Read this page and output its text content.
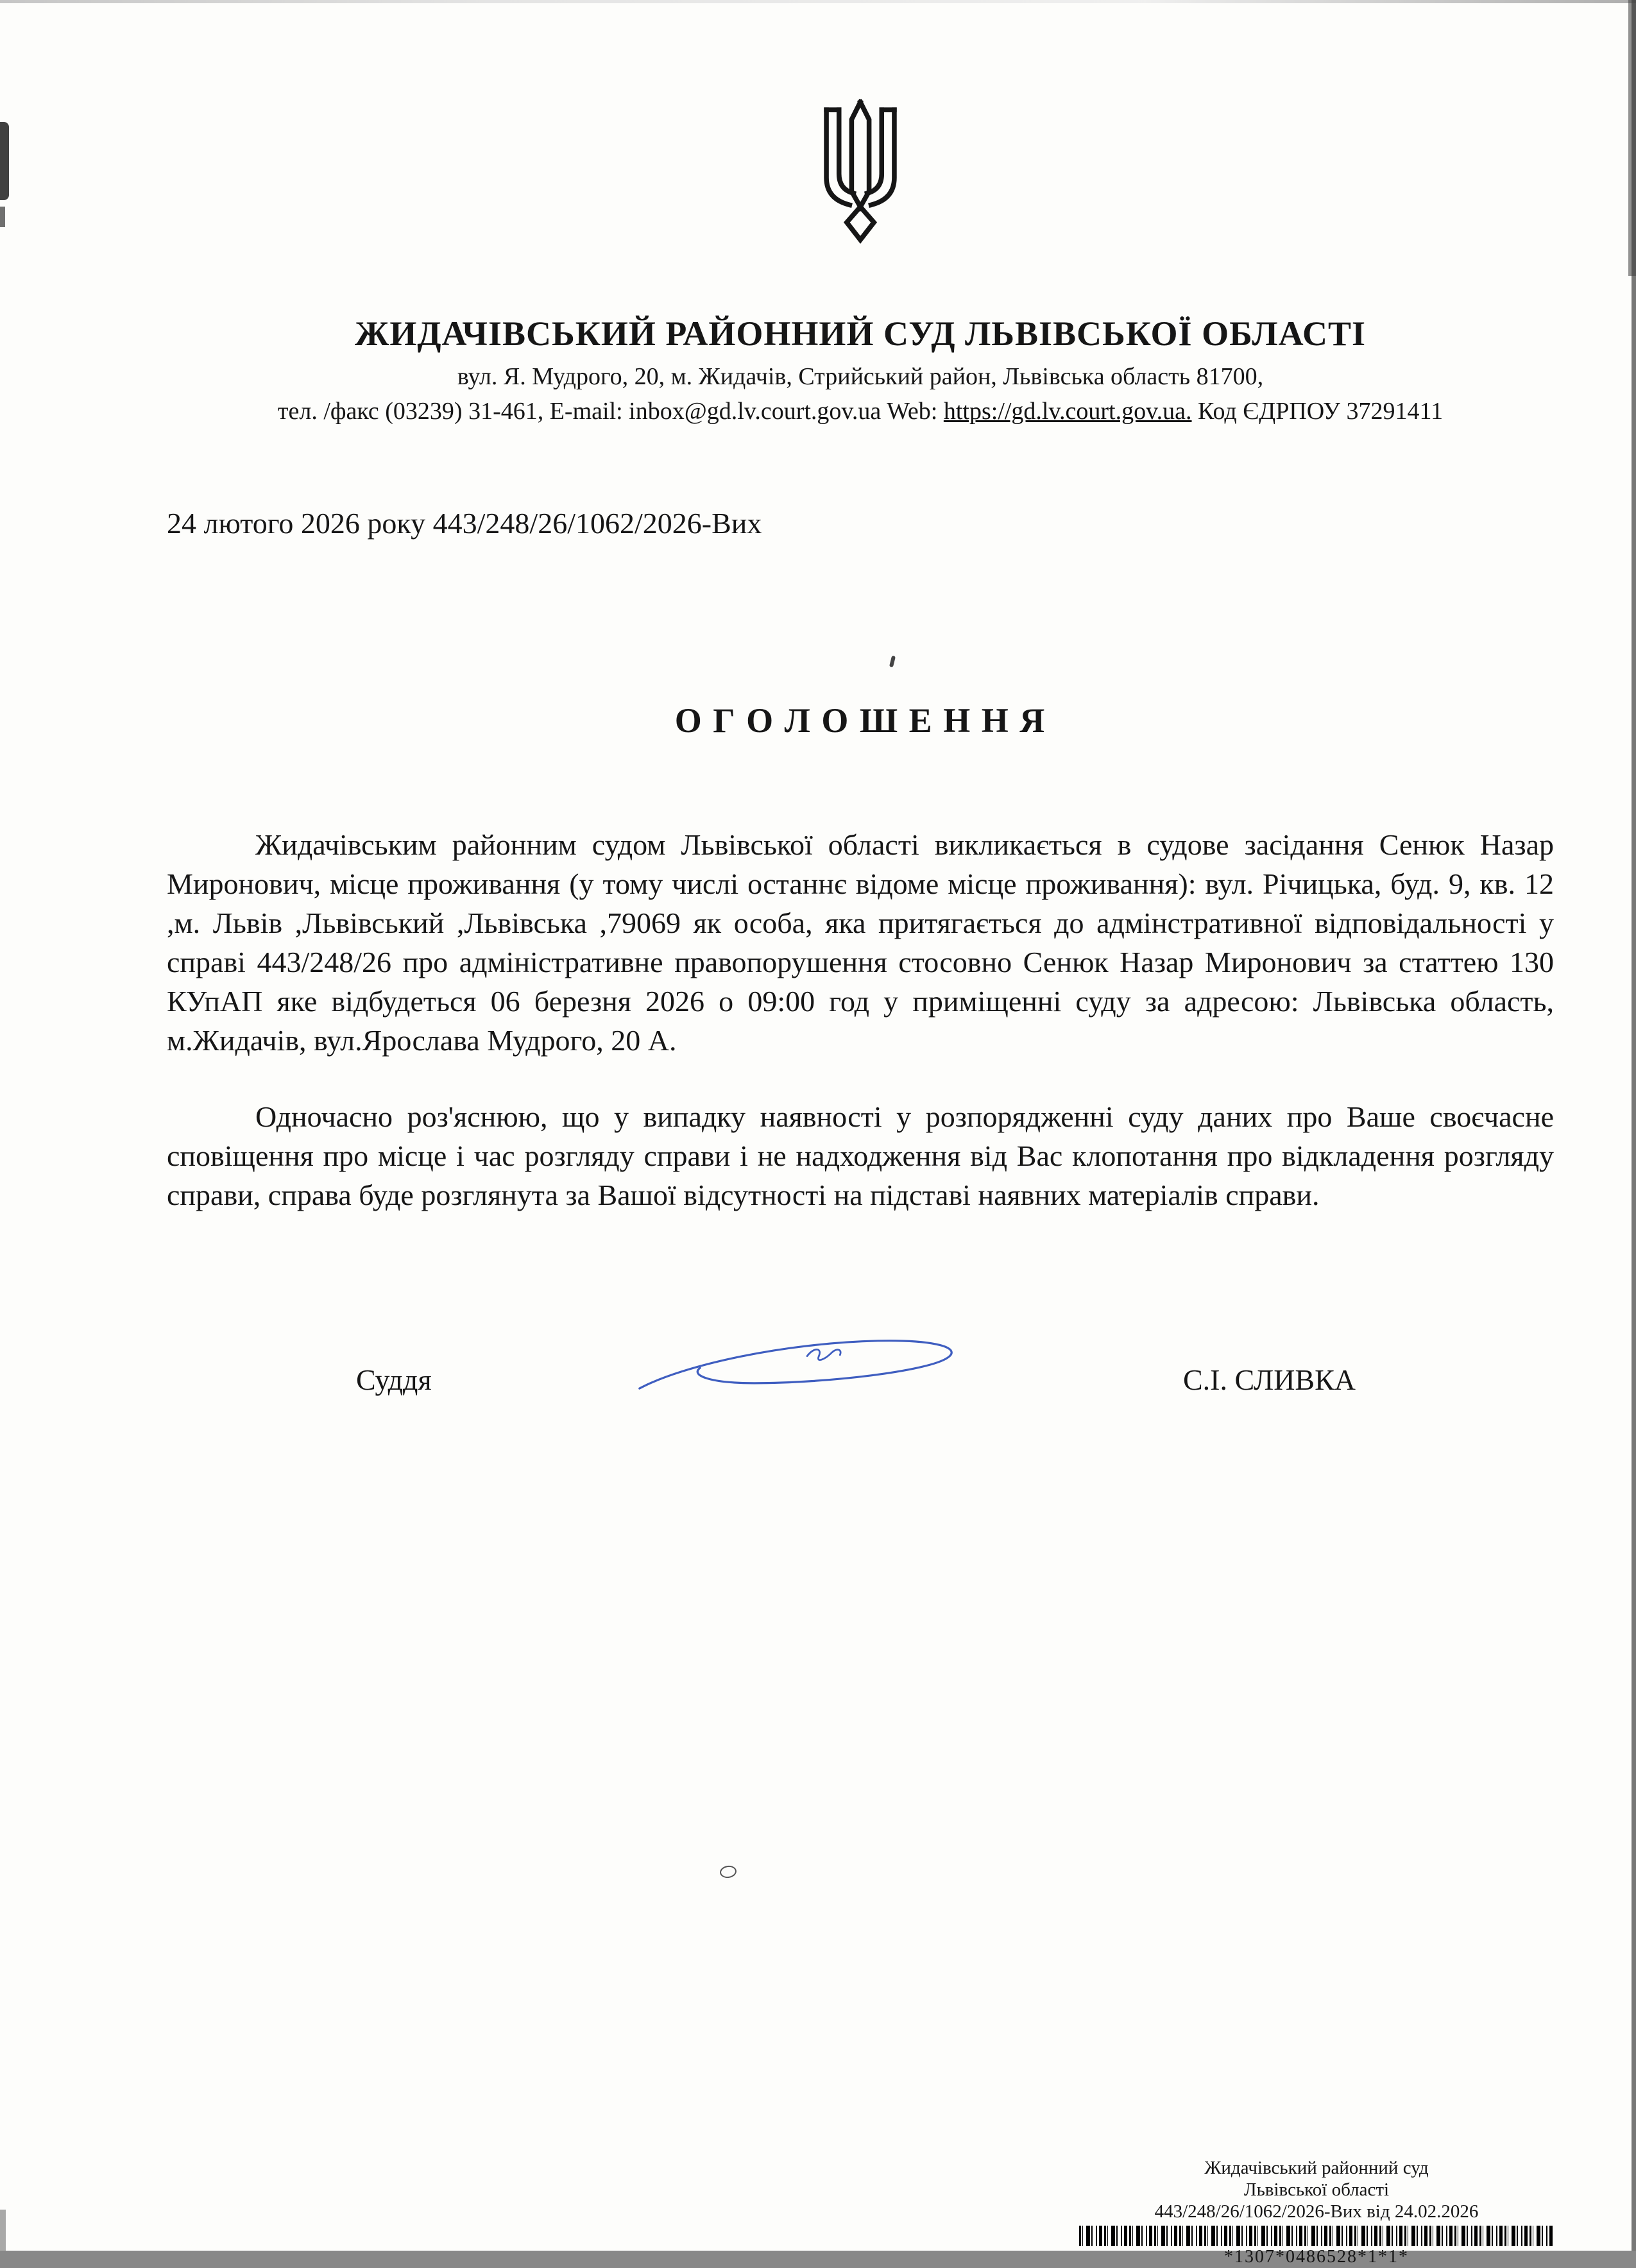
ЖИДАЧІВСЬКИЙ РАЙОННИЙ СУД ЛЬВІВСЬКОЇ ОБЛАСТІ

вул. Я. Мудрого, 20, м. Жидачів, Стрийський район, Львівська область 81700,

тел. /факс (03239) 31-461, E-mail: inbox@gd.lv.court.gov.ua Web: https://gd.lv.court.gov.ua. Код ЄДРПОУ 37291411

24 лютого 2026 року 443/248/26/1062/2026-Вих

О Г О Л О Ш Е Н Н Я

Жидачівським районним судом Львівської області викликається в судове засідання Сенюк Назар Миронович, місце проживання (у тому числі останнє відоме місце проживання): вул. Річицька, буд. 9, кв. 12 ,м. Львів ,Львівський ,Львівська ,79069 як особа, яка притягається до адмінстративної відповідальності у справі 443/248/26 про адміністративне правопорушення стосовно Сенюк Назар Миронович за статтею 130 КУпАП яке відбудеться 06 березня 2026 о 09:00 год у приміщенні суду за адресою: Львівська область, м.Жидачів, вул.Ярослава Мудрого, 20 А.

Одночасно роз'яснюю, що у випадку наявності у розпорядженні суду даних про Ваше своєчасне сповіщення про місце і час розгляду справи і не надходження від Вас клопотання про відкладення розгляду справи, справа буде розглянута за Вашої відсутності на підставі наявних матеріалів справи.

Суддя	С.І. СЛИВКА

Жидачівський районний суд

Львівської області

443/248/26/1062/2026-Вих від 24.02.2026

*1307*0486528*1*1*
